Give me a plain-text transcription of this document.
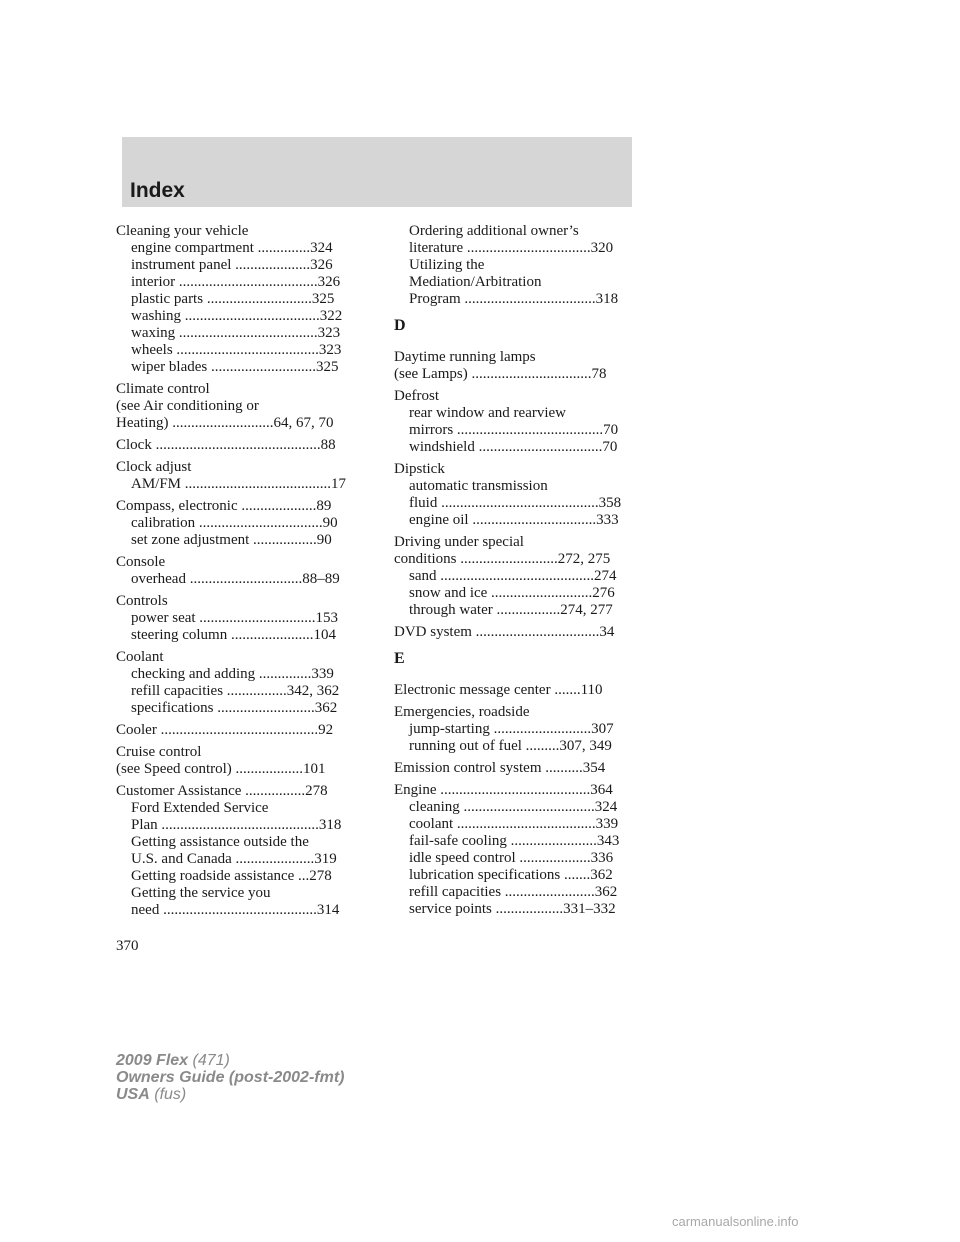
Index
Cleaning your vehicle
engine compartment ..............324
instrument panel ....................326
interior .....................................326
plastic parts ............................325
washing ....................................322
waxing .....................................323
wheels ......................................323
wiper blades ............................325
Climate control
(see Air conditioning or
Heating) ...........................64, 67, 70
Clock ............................................88
Clock adjust
AM/FM .......................................17
Compass, electronic ....................89
calibration .................................90
set zone adjustment .................90
Console
overhead ..............................88–89
Controls
power seat ...............................153
steering column ......................104
Coolant
checking and adding ..............339
refill capacities ................342, 362
specifications ..........................362
Cooler ..........................................92
Cruise control
(see Speed control) ..................101
Customer Assistance ................278
Ford Extended Service
Plan ..........................................318
Getting assistance outside the
U.S. and Canada .....................319
Getting roadside assistance ...278
Getting the service you
need .........................................314
Ordering additional owner’s
literature .................................320
Utilizing the
Mediation/Arbitration
Program ...................................318
D
Daytime running lamps
(see Lamps) ................................78
Defrost
rear window and rearview
mirrors .......................................70
windshield .................................70
Dipstick
automatic transmission
fluid ..........................................358
engine oil .................................333
Driving under special
conditions ..........................272, 275
sand .........................................274
snow and ice ...........................276
through water .................274, 277
DVD system .................................34
E
Electronic message center .......110
Emergencies, roadside
jump-starting ..........................307
running out of fuel .........307, 349
Emission control system ..........354
Engine ........................................364
cleaning ...................................324
coolant .....................................339
fail-safe cooling .......................343
idle speed control ...................336
lubrication specifications .......362
refill capacities ........................362
service points ..................331–332
370
2009 Flex (471)
Owners Guide (post-2002-fmt)
USA (fus)
carmanualsonline.info
